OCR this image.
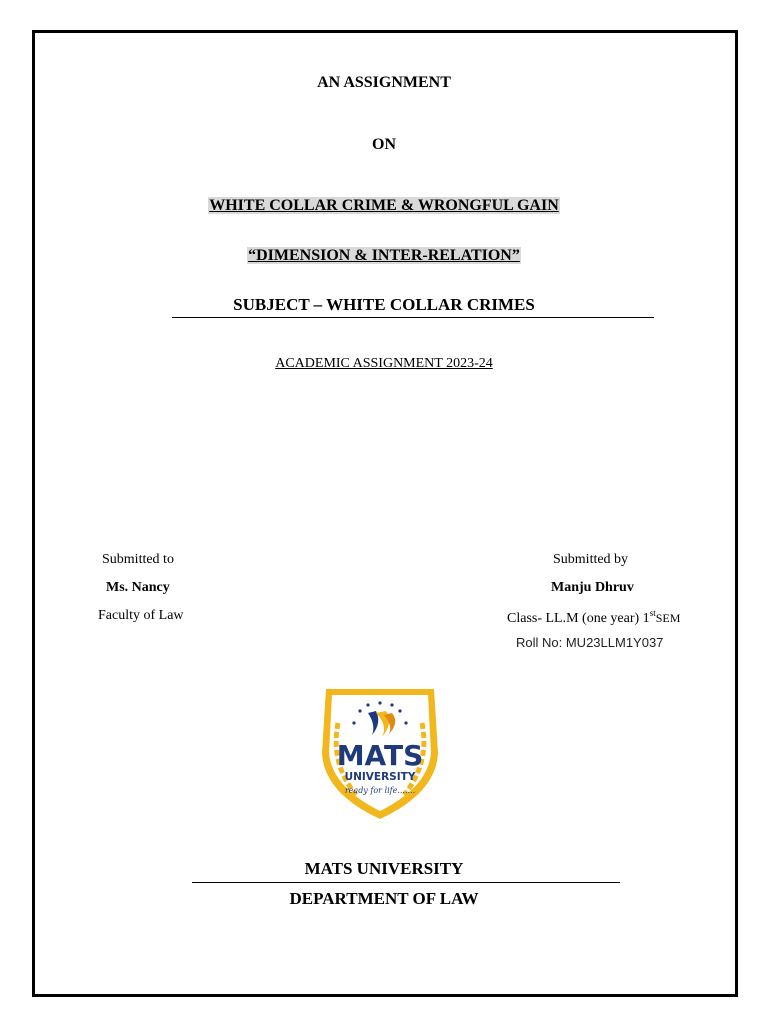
AN ASSIGNMENT
ON
WHITE COLLAR CRIME & WRONGFUL GAIN
“DIMENSION & INTER-RELATION”
SUBJECT – WHITE COLLAR CRIMES
ACADEMIC ASSIGNMENT 2023-24
Submitted to
Ms. Nancy
Faculty of Law
Submitted by
Manju Dhruv
Class- LL.M (one year) 1stSEM
Roll No: MU23LLM1Y037
MATS
UNIVERSITY
ready for life.......
MATS UNIVERSITY
DEPARTMENT OF LAW
